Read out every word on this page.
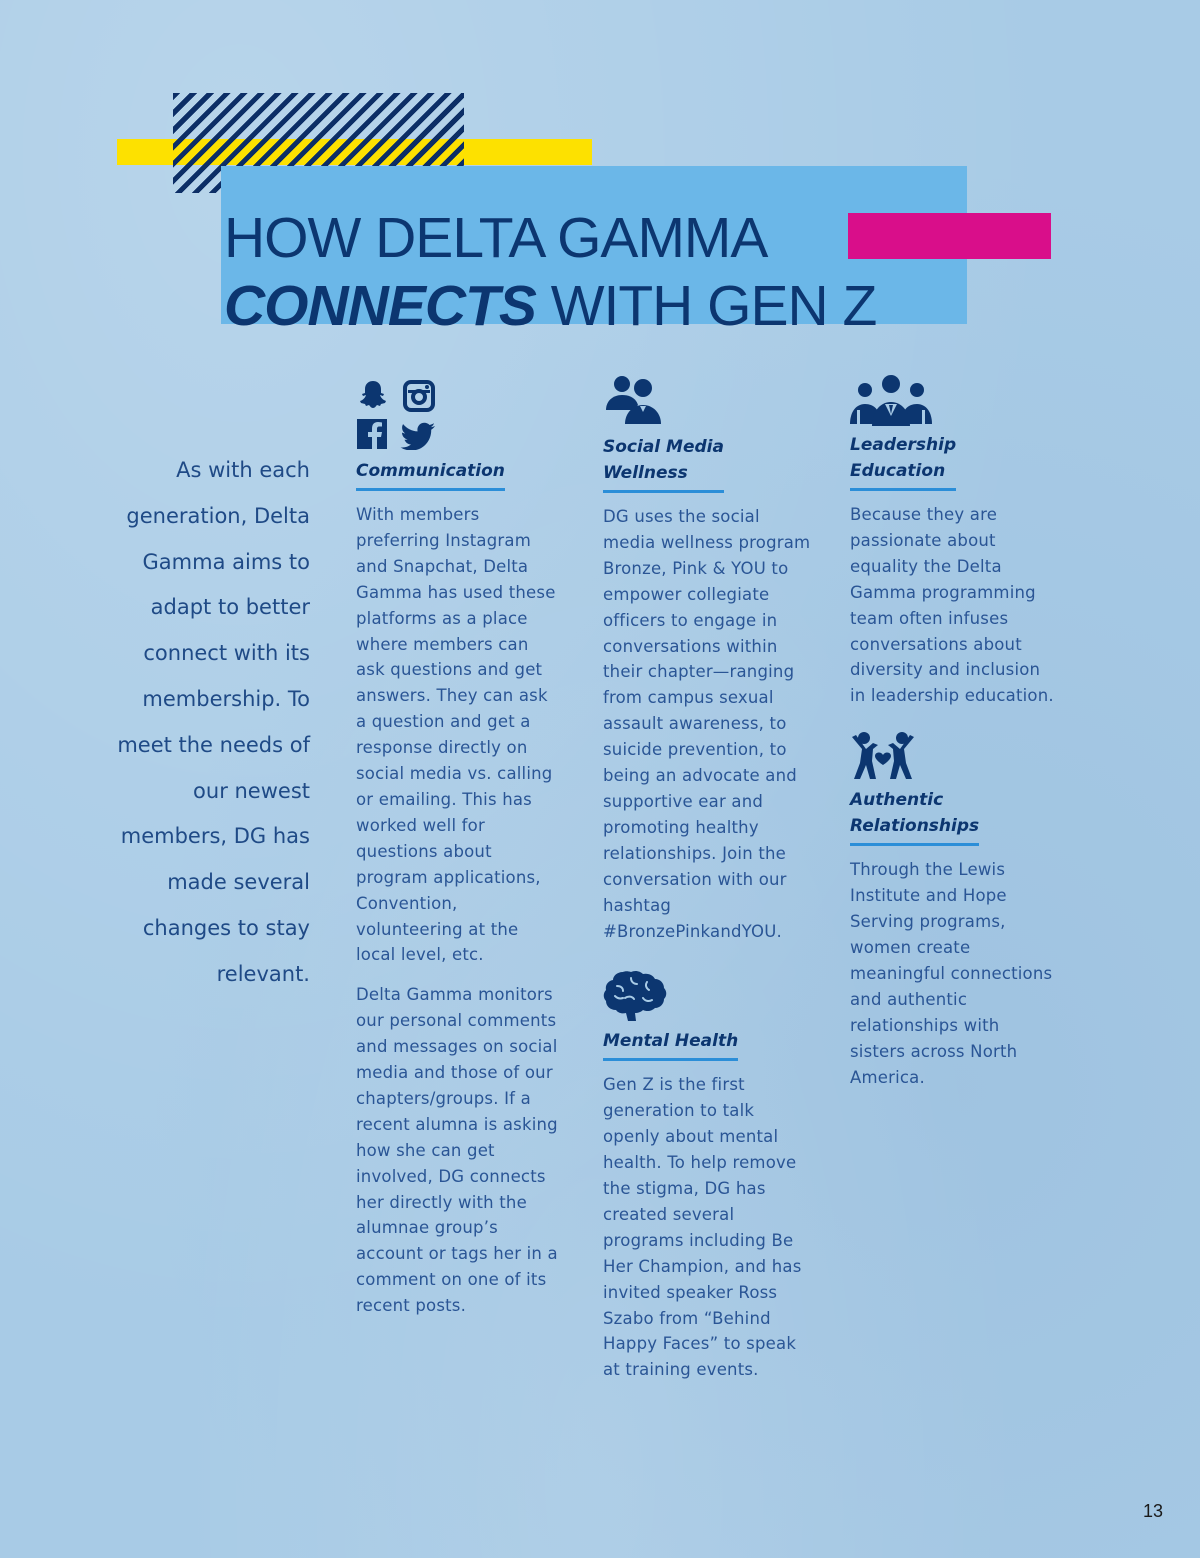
HOW DELTA GAMMA
CONNECTS WITH GEN Z

As with each generation, Delta Gamma aims to adapt to better connect with its membership. To meet the needs of our newest members, DG has made several changes to stay relevant.

Communication

With members preferring Instagram and Snapchat, Delta Gamma has used these platforms as a place where members can ask questions and get answers. They can ask a question and get a response directly on social media vs. calling or emailing. This has worked well for questions about program applications, Convention, volunteering at the local level, etc.

Delta Gamma monitors our personal comments and messages on social media and those of our chapters/groups. If a recent alumna is asking how she can get involved, DG connects her directly with the alumnae group’s account or tags her in a comment on one of its recent posts.

Social Media
Wellness

DG uses the social media wellness program Bronze, Pink & YOU to empower collegiate officers to engage in conversations within their chapter—ranging from campus sexual assault awareness, to suicide prevention, to being an advocate and supportive ear and promoting healthy relationships. Join the conversation with our hashtag #BronzePinkandYOU.

Mental Health

Gen Z is the first generation to talk openly about mental health. To help remove the stigma, DG has created several programs including Be Her Champion, and has invited speaker Ross Szabo from “Behind Happy Faces” to speak at training events.

Leadership
Education

Because they are passionate about equality the Delta Gamma programming team often infuses conversations about diversity and inclusion in leadership education.

Authentic
Relationships

Through the Lewis Institute and Hope Serving programs, women create meaningful connections and authentic relationships with sisters across North America.

13
